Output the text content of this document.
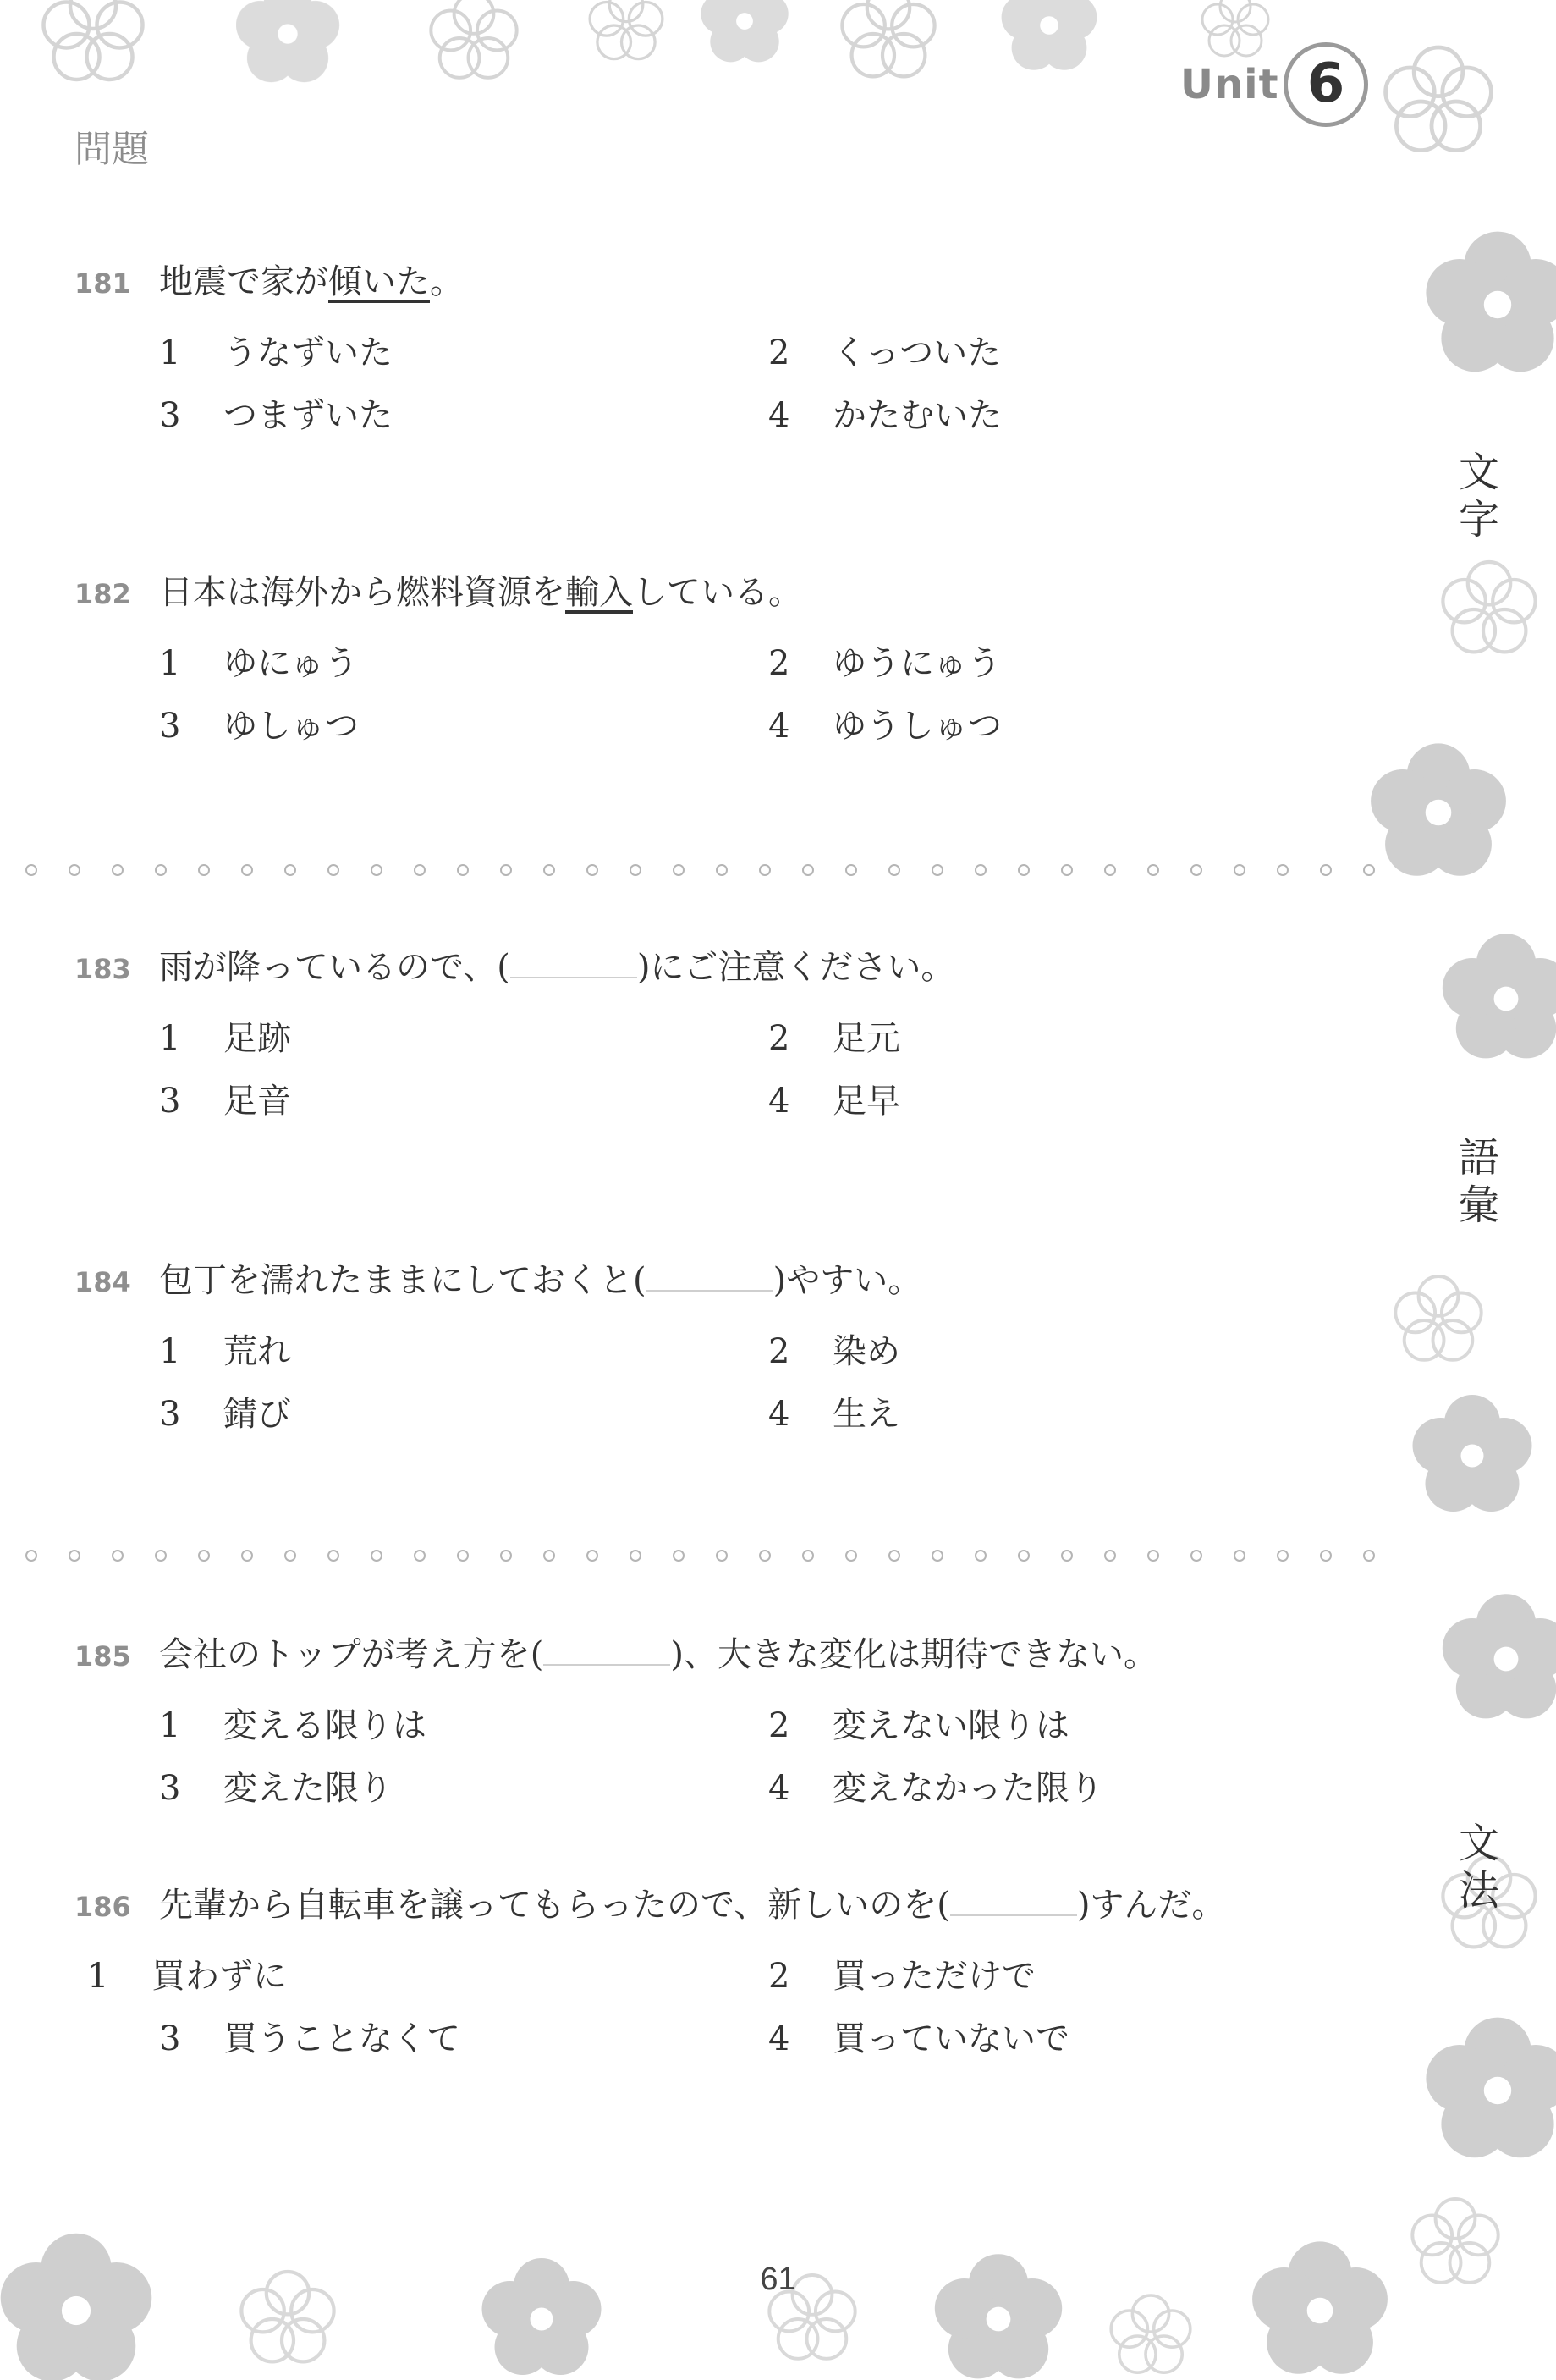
Unit 6
問題
181 地震で家が傾いた。
1 うなずいた	2 くっついた
3 つまずいた	4 かたむいた
182 日本は海外から燃料資源を輸入している。
1 ゆにゅう	2 ゆうにゅう
3 ゆしゅつ	4 ゆうしゅつ
183 雨が降っているので、(	)にご注意ください。
1 足跡	2 足元
3 足音	4 足早
184 包丁を濡れたままにしておくと(	)やすい。
1 荒れ	2 染め
3 錆び	4 生え
185 会社のトップが考え方を(	)、大きな変化は期待できない。
1 変える限りは	2 変えない限りは
3 変えた限り	4 変えなかった限り
186 先輩から自転車を譲ってもらったので、新しいのを(	)すんだ。
1 買わずに	2 買っただけで
3 買うことなくて	4 買っていないで
文
字
語
彙
文
法
61
